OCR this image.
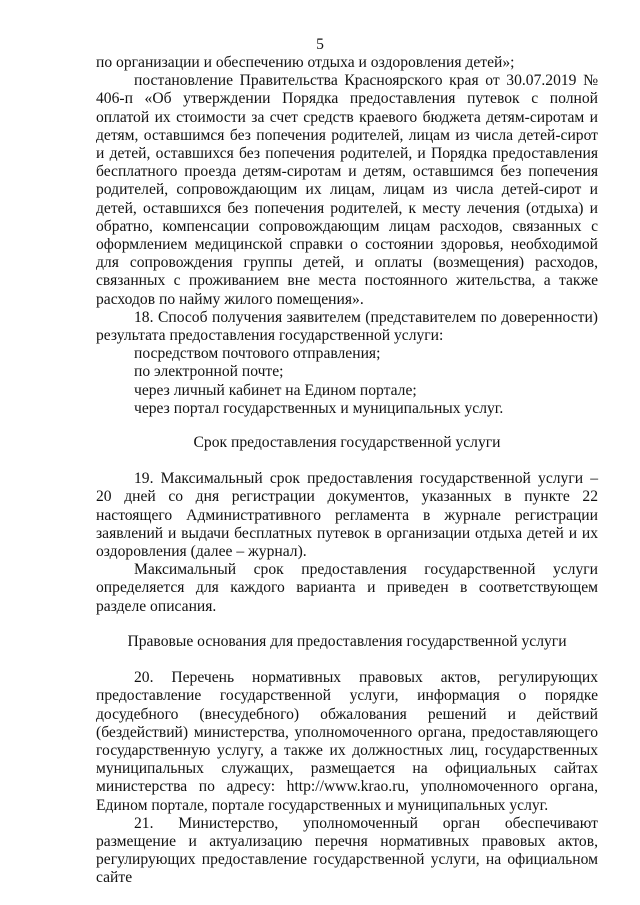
5

по организации и обеспечению отдыха и оздоровления детей»;

постановление Правительства Красноярского края от 30.07.2019 № 406-п «Об утверждении Порядка предоставления путевок с полной оплатой их стоимости за счет средств краевого бюджета детям-сиротам и детям, оставшимся без попечения родителей, лицам из числа детей-сирот и детей, оставшихся без попечения родителей, и Порядка предоставления бесплатного проезда детям-сиротам и детям, оставшимся без попечения родителей, сопровождающим их лицам, лицам из числа детей-сирот и детей, оставшихся без попечения родителей, к месту лечения (отдыха) и обратно, компенсации сопровождающим лицам расходов, связанных с оформлением медицинской справки о состоянии здоровья, необходимой для сопровождения группы детей, и оплаты (возмещения) расходов, связанных с проживанием вне места постоянного жительства, а также расходов по найму жилого помещения».

18. Способ получения заявителем (представителем по доверенности) результата предоставления государственной услуги:

посредством почтового отправления;

по электронной почте;

через личный кабинет на Едином портале;

через портал государственных и муниципальных услуг.

Срок предоставления государственной услуги

19. Максимальный срок предоставления государственной услуги – 20 дней со дня регистрации документов, указанных в пункте 22 настоящего Административного регламента в журнале регистрации заявлений и выдачи бесплатных путевок в организации отдыха детей и их оздоровления (далее – журнал).

Максимальный срок предоставления государственной услуги определяется для каждого варианта и приведен в соответствующем разделе описания.

Правовые основания для предоставления государственной услуги

20. Перечень нормативных правовых актов, регулирующих предоставление государственной услуги, информация о порядке досудебного (внесудебного) обжалования решений и действий (бездействий) министерства, уполномоченного органа, предоставляющего государственную услугу, а также их должностных лиц, государственных муниципальных служащих, размещается на официальных сайтах министерства по адресу: http://www.krao.ru, уполномоченного органа, Едином портале, портале государственных и муниципальных услуг.

21. Министерство, уполномоченный орган обеспечивают размещение и актуализацию перечня нормативных правовых актов, регулирующих предоставление государственной услуги, на официальном сайте
